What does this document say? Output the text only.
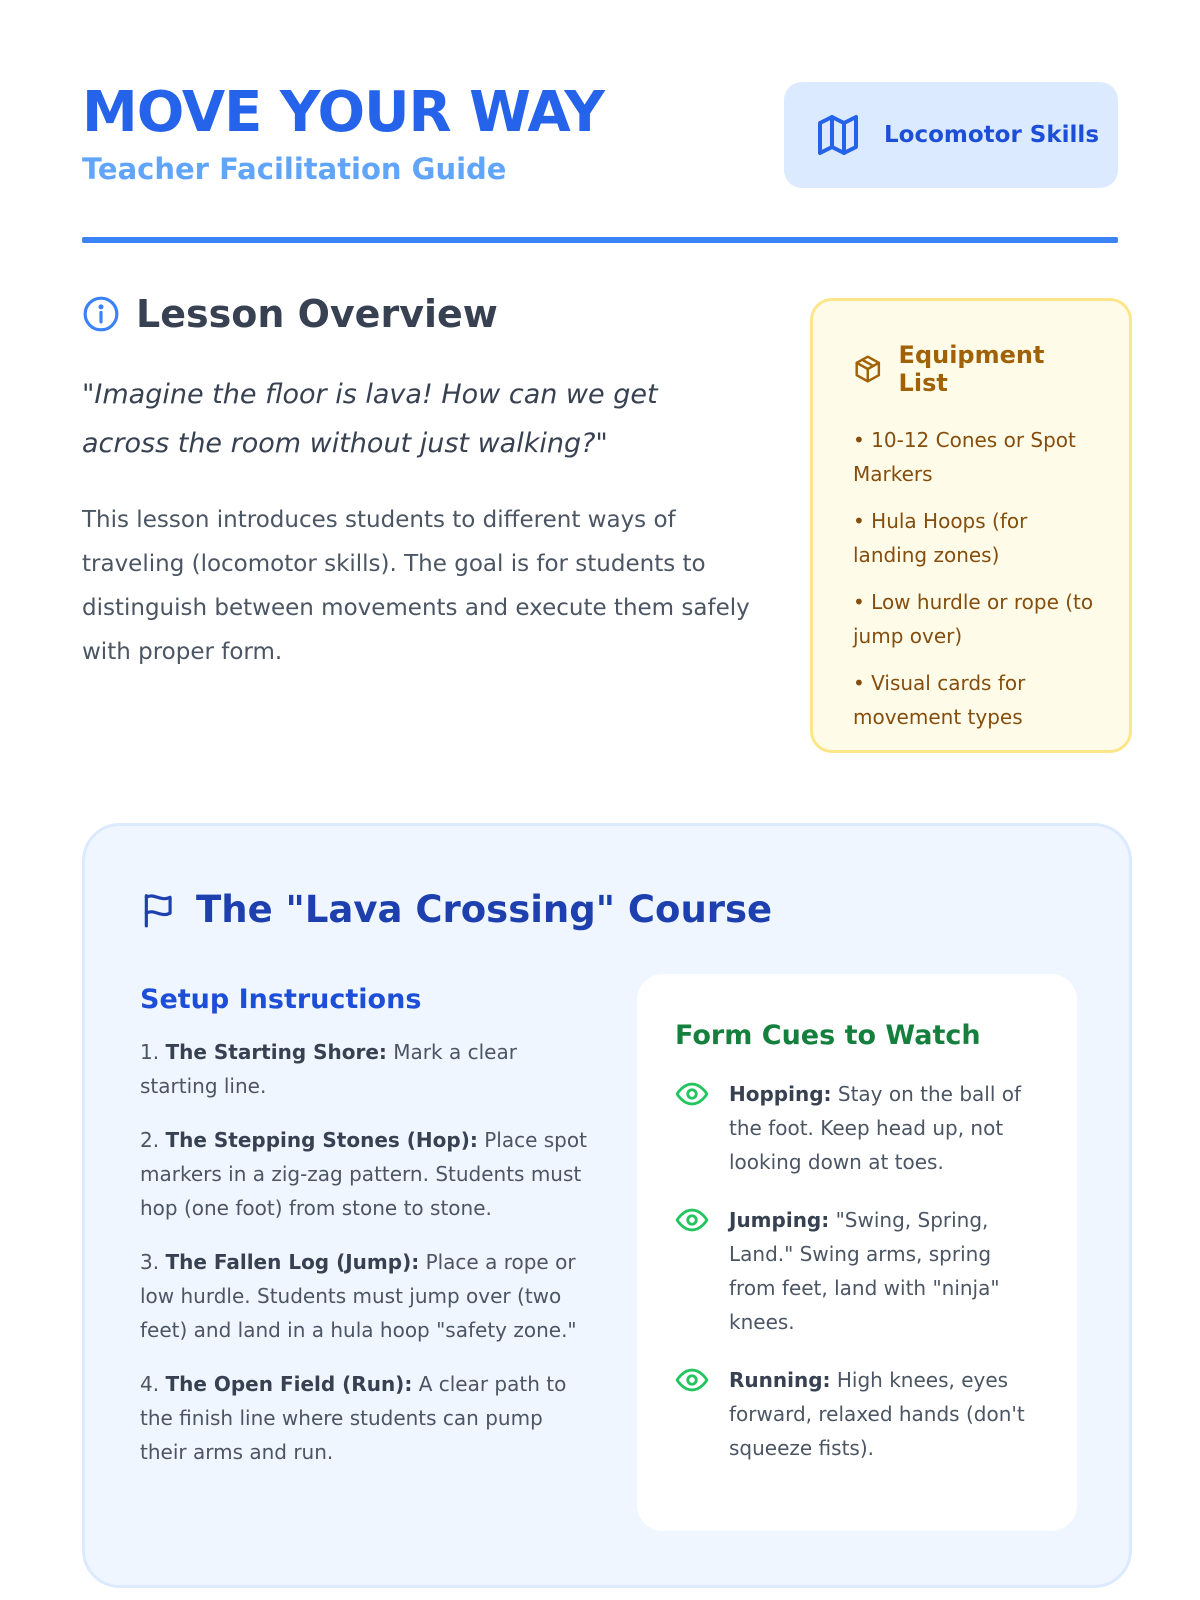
MOVE YOUR WAY
Teacher Facilitation Guide
Locomotor Skills
Lesson Overview

"Imagine the floor is lava! How can we get across the room without just walking?"

This lesson introduces students to different ways of traveling (locomotor skills). The goal is for students to distinguish between movements and execute them safely with proper form.

Equipment List
• 10-12 Cones or Spot Markers
• Hula Hoops (for landing zones)
• Low hurdle or rope (to jump over)
• Visual cards for movement types
The "Lava Crossing" Course
Setup Instructions
1. The Starting Shore: Mark a clear starting line.
2. The Stepping Stones (Hop): Place spot markers in a zig-zag pattern. Students must hop (one foot) from stone to stone.
3. The Fallen Log (Jump): Place a rope or low hurdle. Students must jump over (two feet) and land in a hula hoop "safety zone."
4. The Open Field (Run): A clear path to the finish line where students can pump their arms and run.
Form Cues to Watch

Hopping: Stay on the ball of the foot. Keep head up, not looking down at toes.

Jumping: "Swing, Spring, Land." Swing arms, spring from feet, land with "ninja" knees.

Running: High knees, eyes forward, relaxed hands (don't squeeze fists).
